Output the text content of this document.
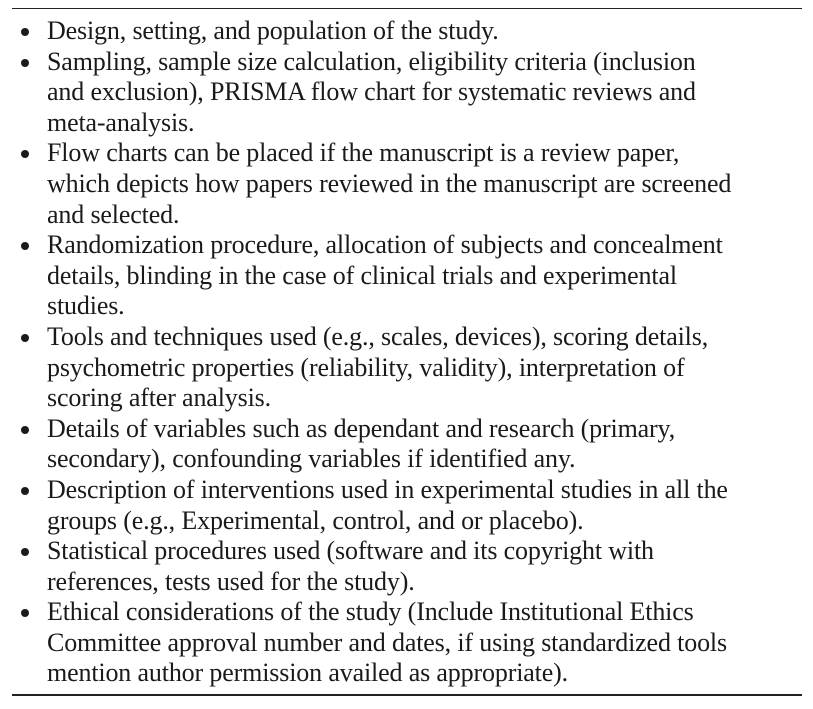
Design, setting, and population of the study.
Sampling, sample size calculation, eligibility criteria (inclusion
and exclusion), PRISMA flow chart for systematic reviews and
meta-analysis.
Flow charts can be placed if the manuscript is a review paper,
which depicts how papers reviewed in the manuscript are screened
and selected.
Randomization procedure, allocation of subjects and concealment
details, blinding in the case of clinical trials and experimental
studies.
Tools and techniques used (e.g., scales, devices), scoring details,
psychometric properties (reliability, validity), interpretation of
scoring after analysis.
Details of variables such as dependant and research (primary,
secondary), confounding variables if identified any.
Description of interventions used in experimental studies in all the
groups (e.g., Experimental, control, and or placebo).
Statistical procedures used (software and its copyright with
references, tests used for the study).
Ethical considerations of the study (Include Institutional Ethics
Committee approval number and dates, if using standardized tools
mention author permission availed as appropriate).
